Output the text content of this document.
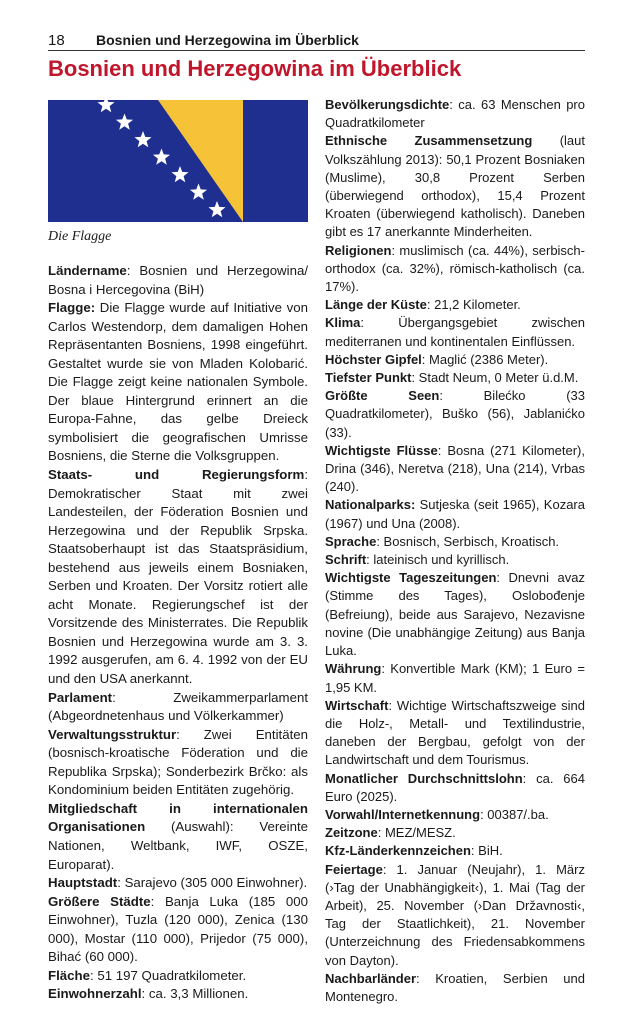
18 Bosnien und Herzegowina im Überblick
Bosnien und Herzegowina im Überblick
Die Flagge

Ländername: Bosnien und Herzegowina/ Bosna i Hercegovina (BiH)

Flagge: Die Flagge wurde auf Initiative von Carlos Westendorp, dem damaligen Hohen Repräsentanten Bosniens, 1998 eingeführt. Gestaltet wurde sie von Mladen Kolobarić. Die Flagge zeigt keine nationalen Symbole. Der blaue Hintergrund erinnert an die Europa-Fahne, das gelbe Dreieck symbolisiert die geografischen Umrisse Bosniens, die Sterne die Volksgruppen.

Staats- und Regierungsform: Demokratischer Staat mit zwei Landesteilen, der Föderation Bosnien und Herzegowina und der Republik Srpska. Staatsoberhaupt ist das Staatspräsidium, bestehend aus jeweils einem Bosniaken, Serben und Kroaten. Der Vorsitz rotiert alle acht Monate. Regierungschef ist der Vorsitzende des Ministerrates. Die Republik Bosnien und Herzegowina wurde am 3. 3. 1992 ausgerufen, am 6. 4. 1992 von der EU und den USA anerkannt.

Parlament: Zweikammerparlament (Abgeordnetenhaus und Völkerkammer)

Verwaltungsstruktur: Zwei Entitäten (bosnisch-kroatische Föderation und die Republika Srpska); Sonderbezirk Brčko: als Kondominium beiden Entitäten zugehörig.

Mitgliedschaft in internationalen Organisationen (Auswahl): Vereinte Nationen, Weltbank, IWF, OSZE, Europarat).

Hauptstadt: Sarajevo (305 000 Einwohner).

Größere Städte: Banja Luka (185 000 Einwohner), Tuzla (120 000), Zenica (130 000), Mostar (110 000), Prijedor (75 000), Bihać (60 000).

Fläche: 51 197 Quadratkilometer.

Einwohnerzahl: ca. 3,3 Millionen.

Bevölkerungsdichte: ca. 63 Menschen pro Quadratkilometer

Ethnische Zusammensetzung (laut Volkszählung 2013): 50,1 Prozent Bosniaken (Muslime), 30,8 Prozent Serben (überwiegend orthodox), 15,4 Prozent Kroaten (überwiegend katholisch). Daneben gibt es 17 anerkannte Minderheiten.

Religionen: muslimisch (ca. 44%), serbisch-orthodox (ca. 32%), römisch-katholisch (ca. 17%).

Länge der Küste: 21,2 Kilometer.

Klima: Übergangsgebiet zwischen mediterranen und kontinentalen Einflüssen.

Höchster Gipfel: Maglić (2386 Meter).

Tiefster Punkt: Stadt Neum, 0 Meter ü.d.M.

Größte Seen: Bilećko (33 Quadratkilometer), Buško (56), Jablanićko (33).

Wichtigste Flüsse: Bosna (271 Kilometer), Drina (346), Neretva (218), Una (214), Vrbas (240).

Nationalparks: Sutjeska (seit 1965), Kozara (1967) und Una (2008).

Sprache: Bosnisch, Serbisch, Kroatisch.

Schrift: lateinisch und kyrillisch.

Wichtigste Tageszeitungen: Dnevni avaz (Stimme des Tages), Oslobođenje (Befreiung), beide aus Sarajevo, Nezavisne novine (Die unabhängige Zeitung) aus Banja Luka.

Währung: Konvertible Mark (KM); 1 Euro = 1,95 KM.

Wirtschaft: Wichtige Wirtschaftszweige sind die Holz-, Metall- und Textilindustrie, daneben der Bergbau, gefolgt von der Landwirtschaft und dem Tourismus.

Monatlicher Durchschnittslohn: ca. 664 Euro (2025).

Vorwahl/Internetkennung: 00387/.ba.

Zeitzone: MEZ/MESZ.

Kfz-Länderkennzeichen: BiH.

Feiertage: 1. Januar (Neujahr), 1. März (›Tag der Unabhängigkeit‹), 1. Mai (Tag der Arbeit), 25. November (›Dan Državnosti‹, Tag der Staatlichkeit), 21. November (Unterzeichnung des Friedensabkommens von Dayton).

Nachbarländer: Kroatien, Serbien und Montenegro.
